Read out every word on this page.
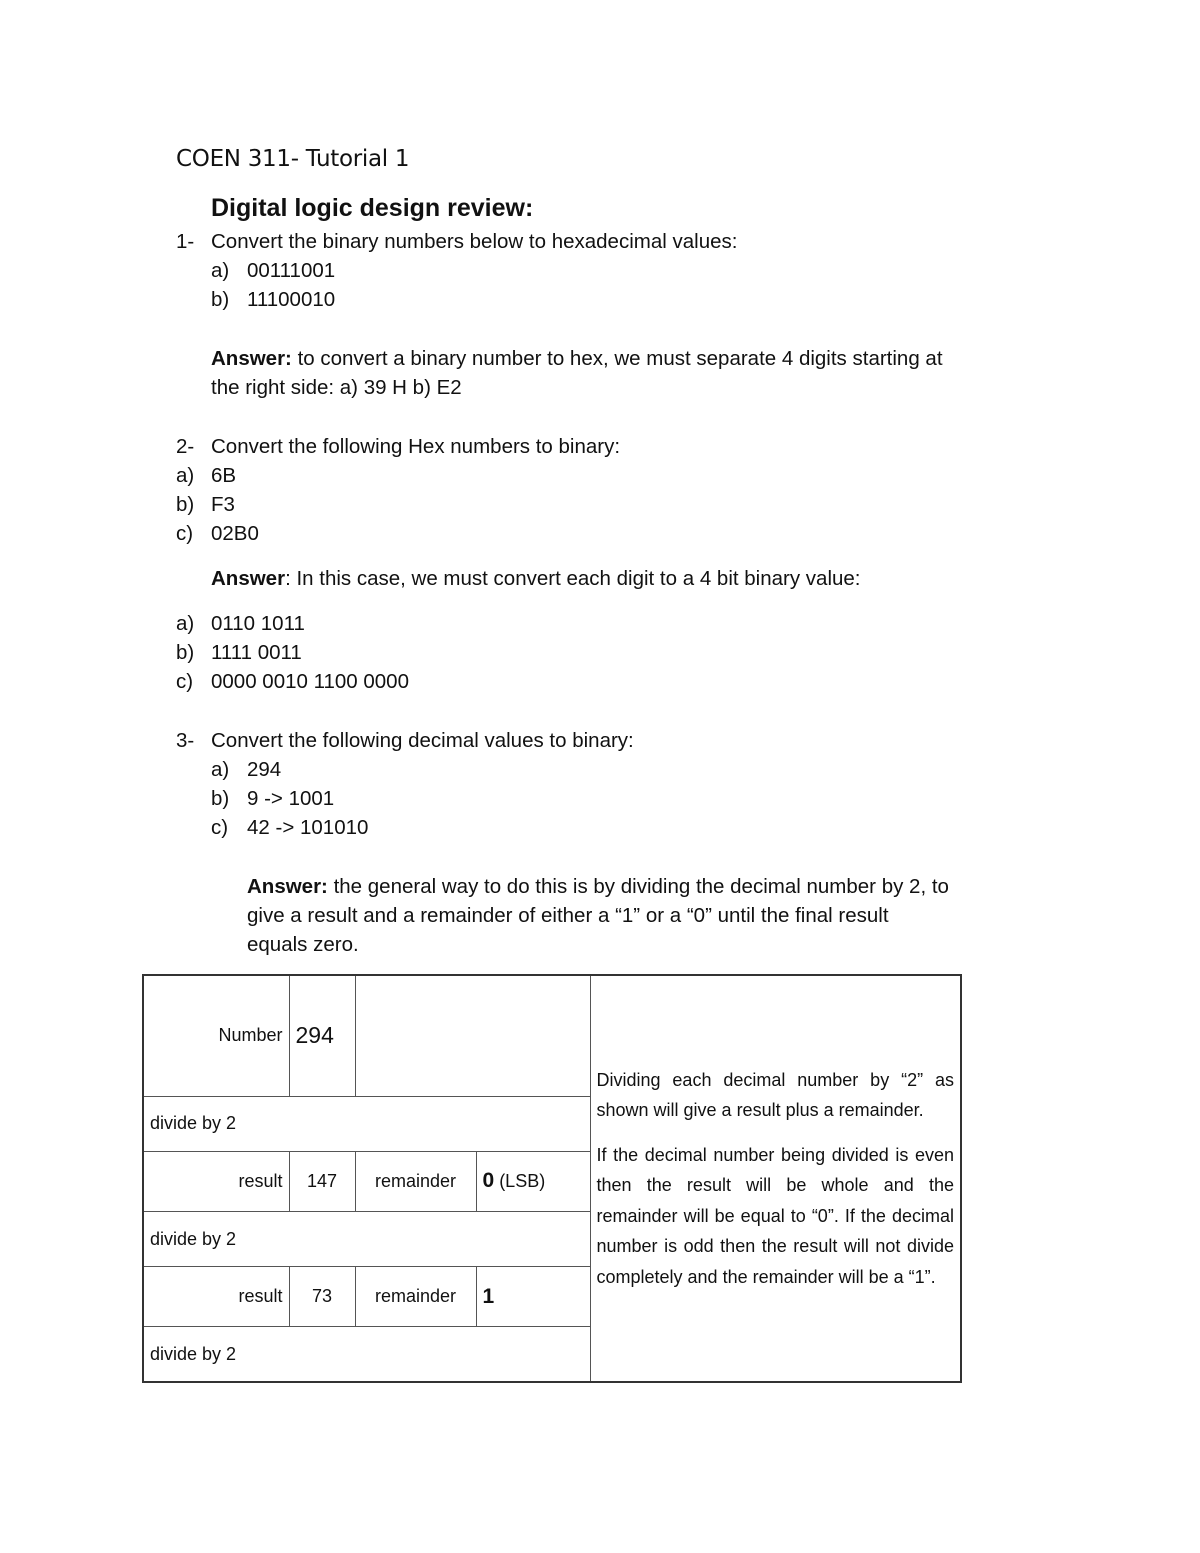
COEN 311- Tutorial 1
Digital logic design review:
1- Convert the binary numbers below to hexadecimal values:
a) 00111001
b) 11100010
Answer: to convert a binary number to hex, we must separate 4 digits starting at
the right side: a) 39 H b) E2
2- Convert the following Hex numbers to binary:
a) 6B
b) F3
c) 02B0
Answer: In this case, we must convert each digit to a 4 bit binary value:
a) 0110 1011
b) 1111 0011
c) 0000 0010 1100 0000
3- Convert the following decimal values to binary:
a) 294
b) 9 -> 1001
c) 42 -> 101010
Answer: the general way to do this is by dividing the decimal number by 2, to
give a result and a remainder of either a “1” or a “0” until the final result
equals zero.
Number	294			Dividing each decimal number by “2” as shown will give a result plus a remainder.

If the decimal number being divided is even then the result will be whole and the remainder will be equal to “0”. If the decimal number is odd then the result will not divide completely and the remainder will be a “1”.

divide by 2				
result	147	remainder	0 (LSB)	
divide by 2				
result	73	remainder	1	
divide by 2				
